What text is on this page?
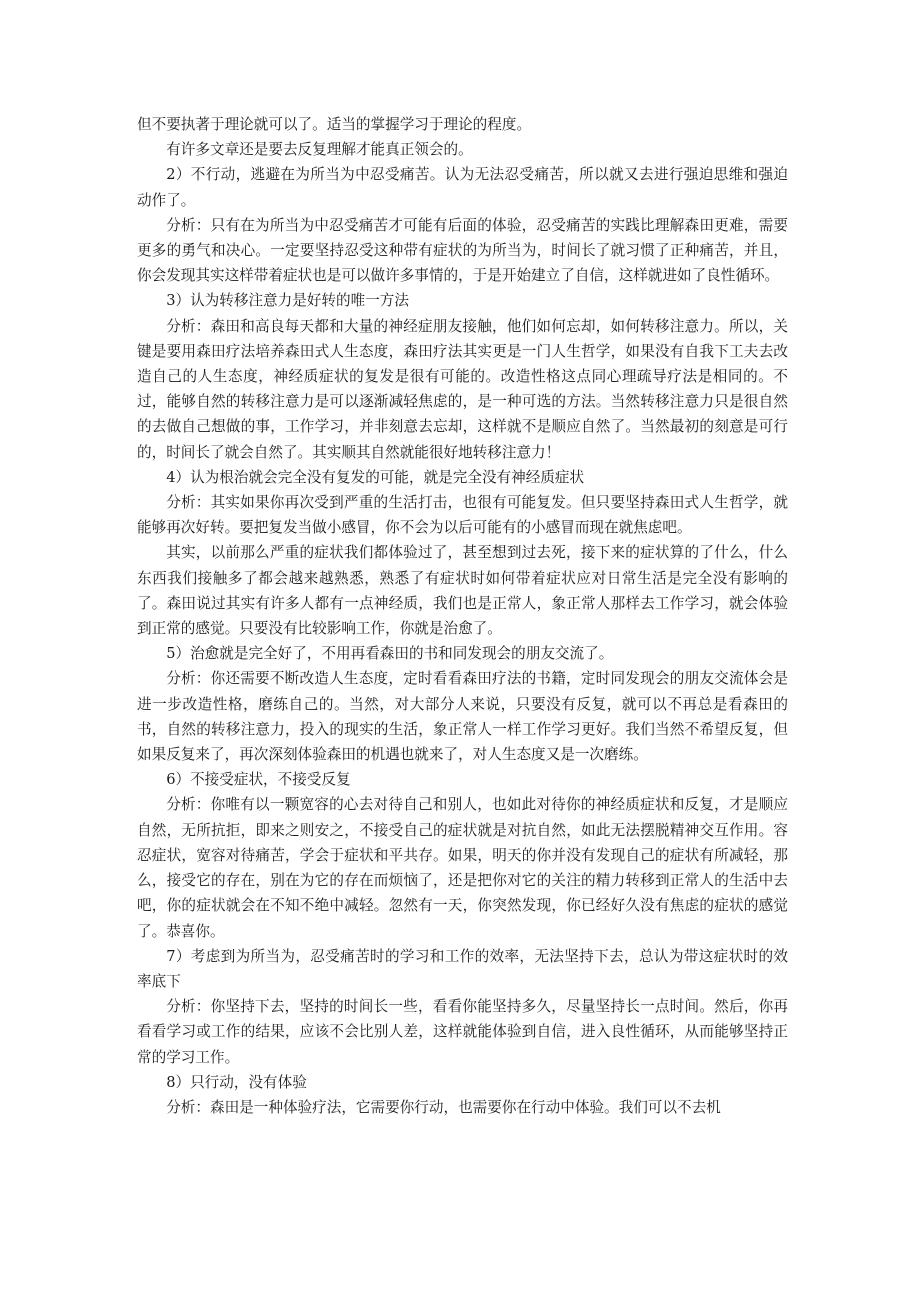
但不要执著于理论就可以了。适当的掌握学习于理论的程度。

有许多文章还是要去反复理解才能真正领会的。

2）不行动，逃避在为所当为中忍受痛苦。认为无法忍受痛苦，所以就又去进行强迫思维和强迫动作了。

分析：只有在为所当为中忍受痛苦才可能有后面的体验，忍受痛苦的实践比理解森田更难，需要更多的勇气和决心。一定要坚持忍受这种带有症状的为所当为，时间长了就习惯了正种痛苦，并且，你会发现其实这样带着症状也是可以做许多事情的，于是开始建立了自信，这样就进如了良性循环。

3）认为转移注意力是好转的唯一方法

分析：森田和高良每天都和大量的神经症朋友接触，他们如何忘却，如何转移注意力。所以，关键是要用森田疗法培养森田式人生态度，森田疗法其实更是一门人生哲学，如果没有自我下工夫去改造自己的人生态度，神经质症状的复发是很有可能的。改造性格这点同心理疏导疗法是相同的。不过，能够自然的转移注意力是可以逐渐减轻焦虑的，是一种可选的方法。当然转移注意力只是很自然的去做自己想做的事，工作学习，并非刻意去忘却，这样就不是顺应自然了。当然最初的刻意是可行的，时间长了就会自然了。其实顺其自然就能很好地转移注意力！

4）认为根治就会完全没有复发的可能，就是完全没有神经质症状

分析：其实如果你再次受到严重的生活打击，也很有可能复发。但只要坚持森田式人生哲学，就能够再次好转。要把复发当做小感冒，你不会为以后可能有的小感冒而现在就焦虑吧。

其实，以前那么严重的症状我们都体验过了，甚至想到过去死，接下来的症状算的了什么，什么东西我们接触多了都会越来越熟悉，熟悉了有症状时如何带着症状应对日常生活是完全没有影响的了。森田说过其实有许多人都有一点神经质，我们也是正常人，象正常人那样去工作学习，就会体验到正常的感觉。只要没有比较影响工作，你就是治愈了。

5）治愈就是完全好了，不用再看森田的书和同发现会的朋友交流了。

分析：你还需要不断改造人生态度，定时看看森田疗法的书籍，定时同发现会的朋友交流体会是进一步改造性格，磨练自己的。当然，对大部分人来说，只要没有反复，就可以不再总是看森田的书，自然的转移注意力，投入的现实的生活，象正常人一样工作学习更好。我们当然不希望反复，但如果反复来了，再次深刻体验森田的机遇也就来了，对人生态度又是一次磨练。

6）不接受症状，不接受反复

分析：你唯有以一颗宽容的心去对待自己和别人，也如此对待你的神经质症状和反复，才是顺应自然，无所抗拒，即来之则安之，不接受自己的症状就是对抗自然，如此无法摆脱精神交互作用。容忍症状，宽容对待痛苦，学会于症状和平共存。如果，明天的你并没有发现自己的症状有所减轻，那么，接受它的存在，别在为它的存在而烦恼了，还是把你对它的关注的精力转移到正常人的生活中去吧，你的症状就会在不知不绝中减轻。忽然有一天，你突然发现，你已经好久没有焦虑的症状的感觉了。恭喜你。

7）考虑到为所当为，忍受痛苦时的学习和工作的效率，无法坚持下去，总认为带这症状时的效率底下

分析：你坚持下去，坚持的时间长一些，看看你能坚持多久，尽量坚持长一点时间。然后，你再看看学习或工作的结果，应该不会比别人差，这样就能体验到自信，进入良性循环，从而能够坚持正常的学习工作。

8）只行动，没有体验

分析：森田是一种体验疗法，它需要你行动，也需要你在行动中体验。我们可以不去机
